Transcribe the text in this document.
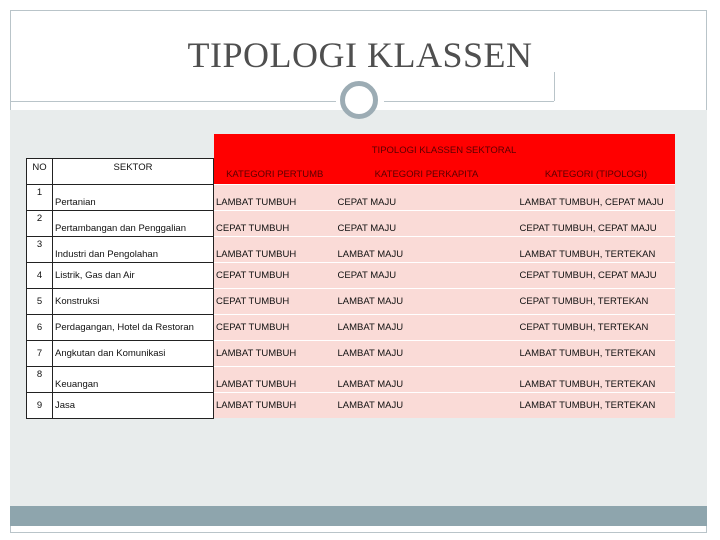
TIPOLOGI KLASSEN
		TIPOLOGI KLASSEN SEKTORAL		
NO	SEKTOR	KATEGORI PERTUMB	KATEGORI PERKAPITA	KATEGORI (TIPOLOGI)
1	Pertanian	LAMBAT TUMBUH	CEPAT MAJU	LAMBAT TUMBUH, CEPAT MAJU
2	Pertambangan dan Penggalian	CEPAT TUMBUH	CEPAT MAJU	CEPAT TUMBUH, CEPAT MAJU
3	Industri dan Pengolahan	LAMBAT TUMBUH	LAMBAT MAJU	LAMBAT TUMBUH, TERTEKAN
4	Listrik, Gas dan Air	CEPAT TUMBUH	CEPAT MAJU	CEPAT TUMBUH, CEPAT MAJU
5	Konstruksi	CEPAT TUMBUH	LAMBAT MAJU	CEPAT TUMBUH, TERTEKAN
6	Perdagangan, Hotel da Restoran	CEPAT TUMBUH	LAMBAT MAJU	CEPAT TUMBUH, TERTEKAN
7	Angkutan dan Komunikasi	LAMBAT TUMBUH	LAMBAT MAJU	LAMBAT TUMBUH, TERTEKAN
8	Keuangan	LAMBAT TUMBUH	LAMBAT MAJU	LAMBAT TUMBUH, TERTEKAN
9	Jasa	LAMBAT TUMBUH	LAMBAT MAJU	LAMBAT TUMBUH, TERTEKAN
